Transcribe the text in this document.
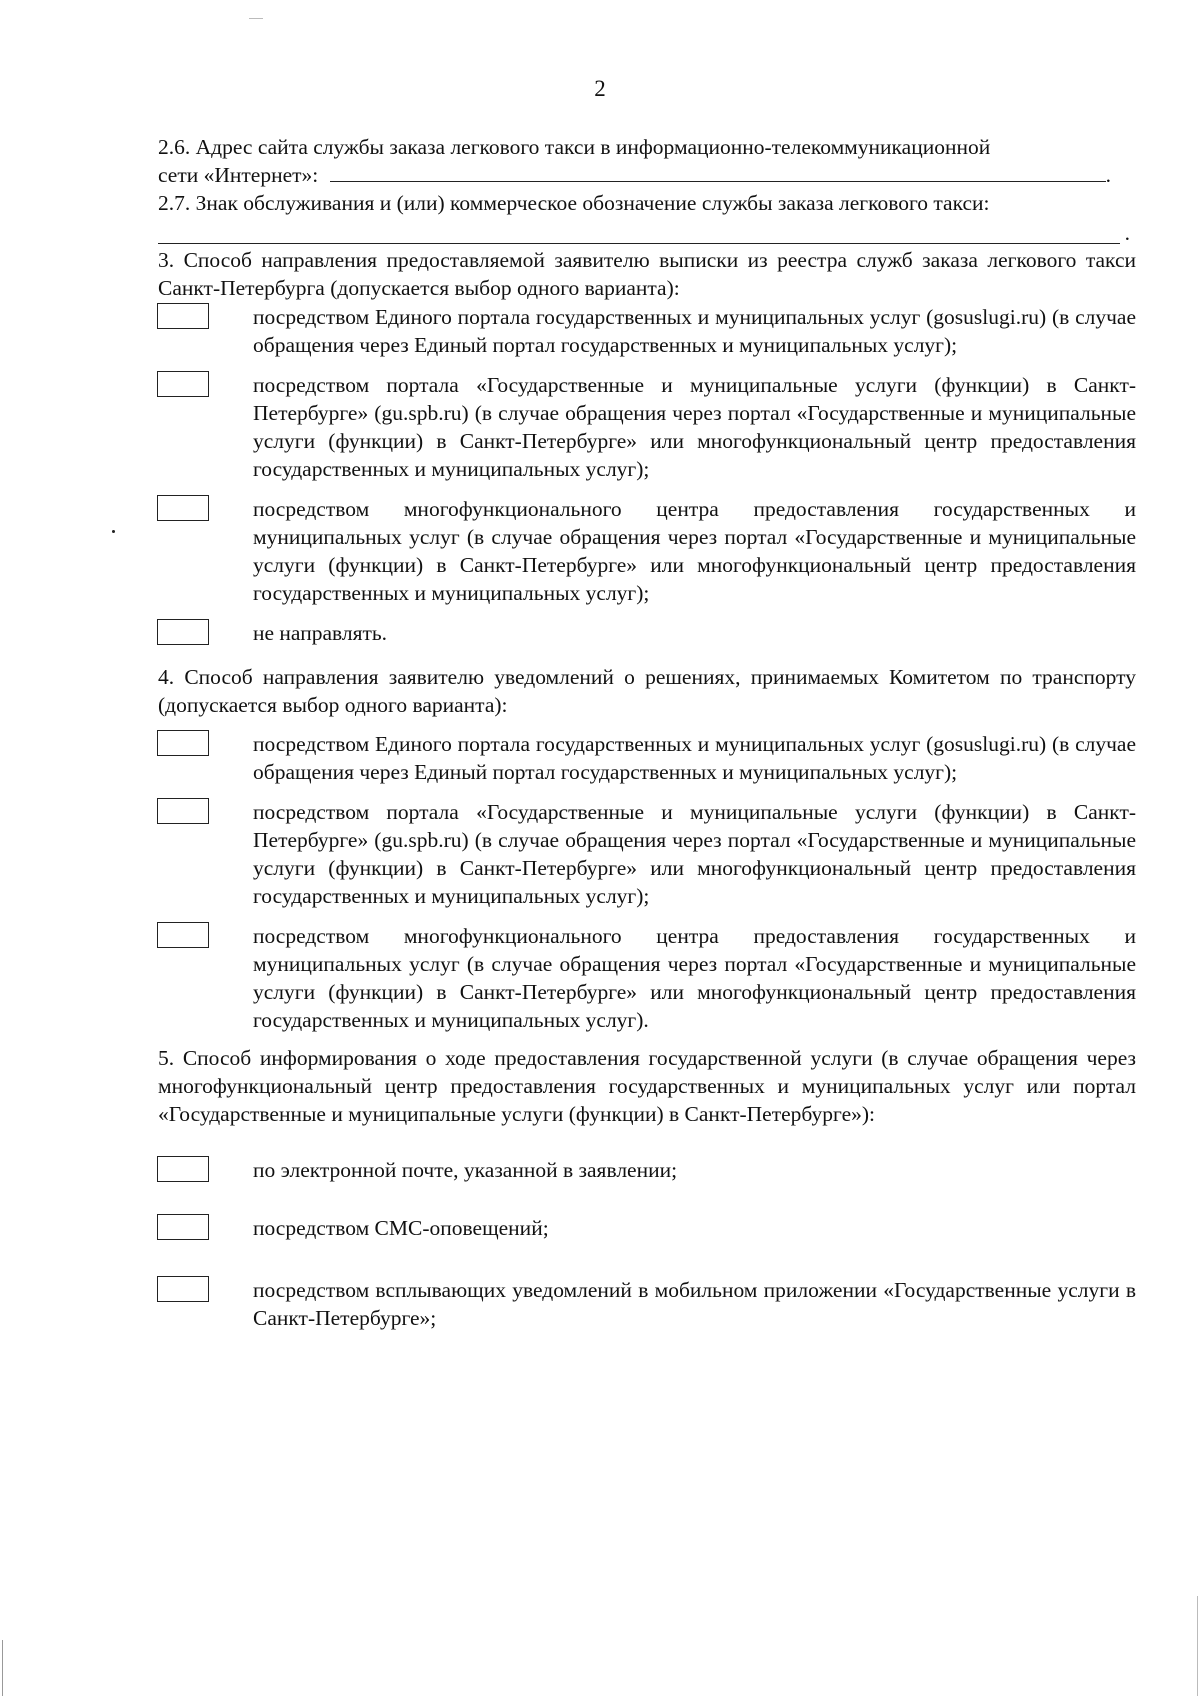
2

2.6. Адрес сайта службы заказа легкового такси в информационно-телекоммуникационной

сети «Интернет»:	.

2.7. Знак обслуживания и (или) коммерческое обозначение службы заказа легкового такси:

.

3. Способ направления предоставляемой заявителю выписки из реестра служб заказа легкового такси Санкт-Петербурга (допускается выбор одного варианта):

посредством Единого портала государственных и муниципальных услуг (gosuslugi.ru) (в случае обращения через Единый портал государственных и муниципальных услуг);

посредством портала «Государственные и муниципальные услуги (функции) в Санкт-Петербурге» (gu.spb.ru) (в случае обращения через портал «Государственные и муниципальные услуги (функции) в Санкт-Петербурге» или многофункциональный центр предоставления государственных и муниципальных услуг);

посредством многофункционального центра предоставления государственных и муниципальных услуг (в случае обращения через портал «Государственные и муниципальные услуги (функции) в Санкт-Петербурге» или многофункциональный центр предоставления государственных и муниципальных услуг);

не направлять.

4. Способ направления заявителю уведомлений о решениях, принимаемых Комитетом по транспорту (допускается выбор одного варианта):

посредством Единого портала государственных и муниципальных услуг (gosuslugi.ru) (в случае обращения через Единый портал государственных и муниципальных услуг);

посредством портала «Государственные и муниципальные услуги (функции) в Санкт-Петербурге» (gu.spb.ru) (в случае обращения через портал «Государственные и муниципальные услуги (функции) в Санкт-Петербурге» или многофункциональный центр предоставления государственных и муниципальных услуг);

посредством многофункционального центра предоставления государственных и муниципальных услуг (в случае обращения через портал «Государственные и муниципальные услуги (функции) в Санкт-Петербурге» или многофункциональный центр предоставления государственных и муниципальных услуг).

5. Способ информирования о ходе предоставления государственной услуги (в случае обращения через многофункциональный центр предоставления государственных и муниципальных услуг или портал «Государственные и муниципальные услуги (функции) в Санкт-Петербурге»):

по электронной почте, указанной в заявлении;

посредством СМС-оповещений;

посредством всплывающих уведомлений в мобильном приложении «Государственные услуги в Санкт-Петербурге»;
